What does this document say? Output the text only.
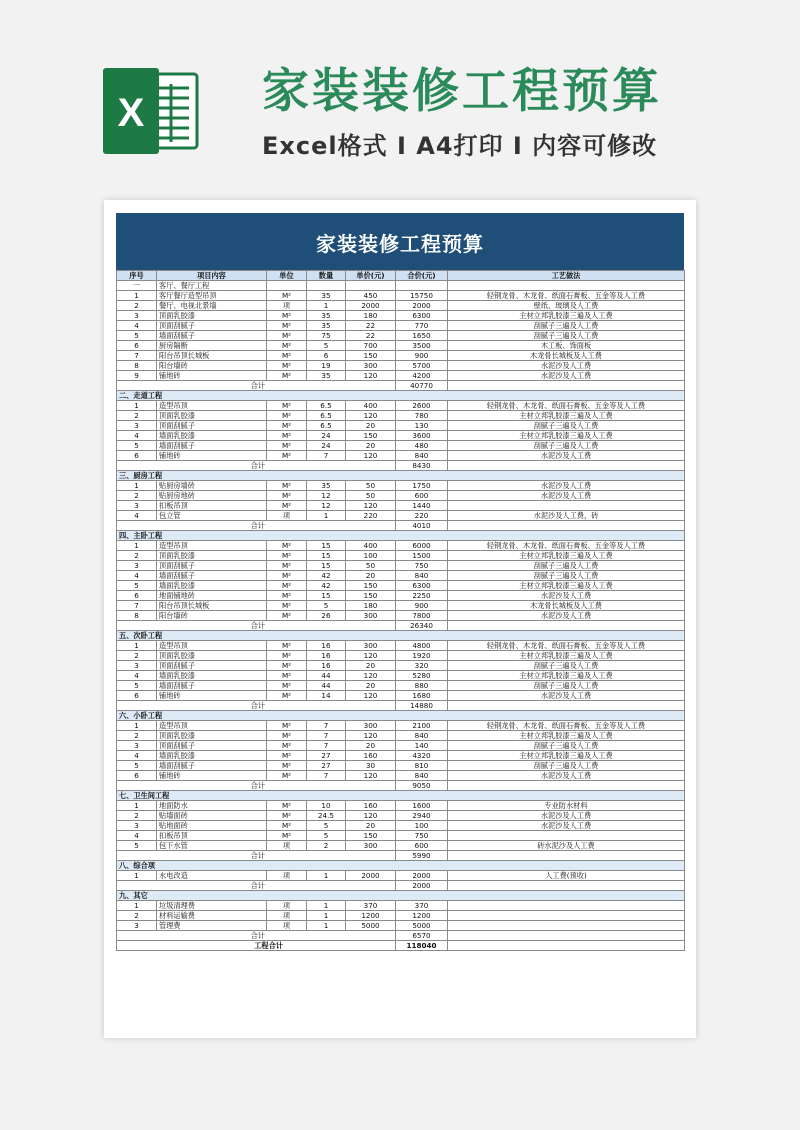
X	家装装修工程预算
Excel格式 Ⅰ A4打印 Ⅰ 内容可修改
家装装修工程预算
序号	项目内容	单位	数量	单价(元)	合价(元)	工艺做法
一	客厅、餐厅工程					
1	客厅餐厅造型吊顶	M²	35	450	15750	轻钢龙骨、木龙骨、纸面石膏板、五金等及人工费
2	餐厅、电视北景墙	项	1	2000	2000	壁纸、玻璃及人工费
3	顶面乳胶漆	M²	35	180	6300	主材立邦乳胶漆三遍及人工费
4	顶面刮腻子	M²	35	22	770	刮腻子三遍及人工费
5	墙面刮腻子	M²	75	22	1650	刮腻子三遍及人工费
6	厨房隔断	M²	5	700	3500	木工板、饰面板
7	阳台吊顶长城板	M²	6	150	900	木龙骨长城板及人工费
8	阳台墙砖	M²	19	300	5700	水泥沙及人工费
9	铺地砖	M²	35	120	4200	水泥沙及人工费
合计					40770	
二、走道工程						
1	造型吊顶	M²	6.5	400	2600	轻钢龙骨、木龙骨、纸面石膏板、五金等及人工费
2	顶面乳胶漆	M²	6.5	120	780	主材立邦乳胶漆三遍及人工费
3	顶面刮腻子	M²	6.5	20	130	刮腻子三遍及人工费
4	墙面乳胶漆	M²	24	150	3600	主材立邦乳胶漆三遍及人工费
5	墙面刮腻子	M²	24	20	480	刮腻子三遍及人工费
6	铺地砖	M²	7	120	840	水泥沙及人工费
合计					8430	
三、厨房工程						
1	贴厨房墙砖	M²	35	50	1750	水泥沙及人工费
2	贴厨房地砖	M²	12	50	600	水泥沙及人工费
3	扣板吊顶	M²	12	120	1440	
4	包立管	项	1	220	220	水泥沙及人工费，砖
合计					4010	
四、主卧工程						
1	造型吊顶	M²	15	400	6000	轻钢龙骨、木龙骨、纸面石膏板、五金等及人工费
2	顶面乳胶漆	M²	15	100	1500	主材立邦乳胶漆三遍及人工费
3	顶面刮腻子	M²	15	50	750	刮腻子三遍及人工费
4	墙面刮腻子	M²	42	20	840	刮腻子三遍及人工费
5	墙面乳胶漆	M²	42	150	6300	主材立邦乳胶漆三遍及人工费
6	地面铺地砖	M²	15	150	2250	水泥沙及人工费
7	阳台吊顶长城板	M²	5	180	900	木龙骨长城板及人工费
8	阳台墙砖	M²	26	300	7800	水泥沙及人工费
合计					26340	
五、次卧工程						
1	造型吊顶	M²	16	300	4800	轻钢龙骨、木龙骨、纸面石膏板、五金等及人工费
2	顶面乳胶漆	M²	16	120	1920	主材立邦乳胶漆三遍及人工费
3	顶面刮腻子	M²	16	20	320	刮腻子三遍及人工费
4	墙面乳胶漆	M²	44	120	5280	主材立邦乳胶漆三遍及人工费
5	墙面刮腻子	M²	44	20	880	刮腻子三遍及人工费
6	铺地砖	M²	14	120	1680	水泥沙及人工费
合计					14880	
六、小卧工程						
1	造型吊顶	M²	7	300	2100	轻钢龙骨、木龙骨、纸面石膏板、五金等及人工费
2	顶面乳胶漆	M²	7	120	840	主材立邦乳胶漆三遍及人工费
3	顶面刮腻子	M²	7	20	140	刮腻子三遍及人工费
4	墙面乳胶漆	M²	27	160	4320	主材立邦乳胶漆三遍及人工费
5	墙面刮腻子	M²	27	30	810	刮腻子三遍及人工费
6	铺地砖	M²	7	120	840	水泥沙及人工费
合计					9050	
七、卫生间工程						
1	地面防水	M²	10	160	1600	专业防水材料
2	贴墙面砖	M²	24.5	120	2940	水泥沙及人工费
3	贴地面砖	M²	5	20	100	水泥沙及人工费
4	扣板吊顶	M²	5	150	750	
5	包下水管	项	2	300	600	砖水泥沙及人工费
合计					5990	
八、综合项						
1	水电改造	项	1	2000	2000	人工费(预收)
合计					2000	
九、其它						
1	垃圾清理费	项	1	370	370	
2	材料运输费	项	1	1200	1200	
3	管理费	项	1	5000	5000	
合计					6570	
工程合计					118040	
